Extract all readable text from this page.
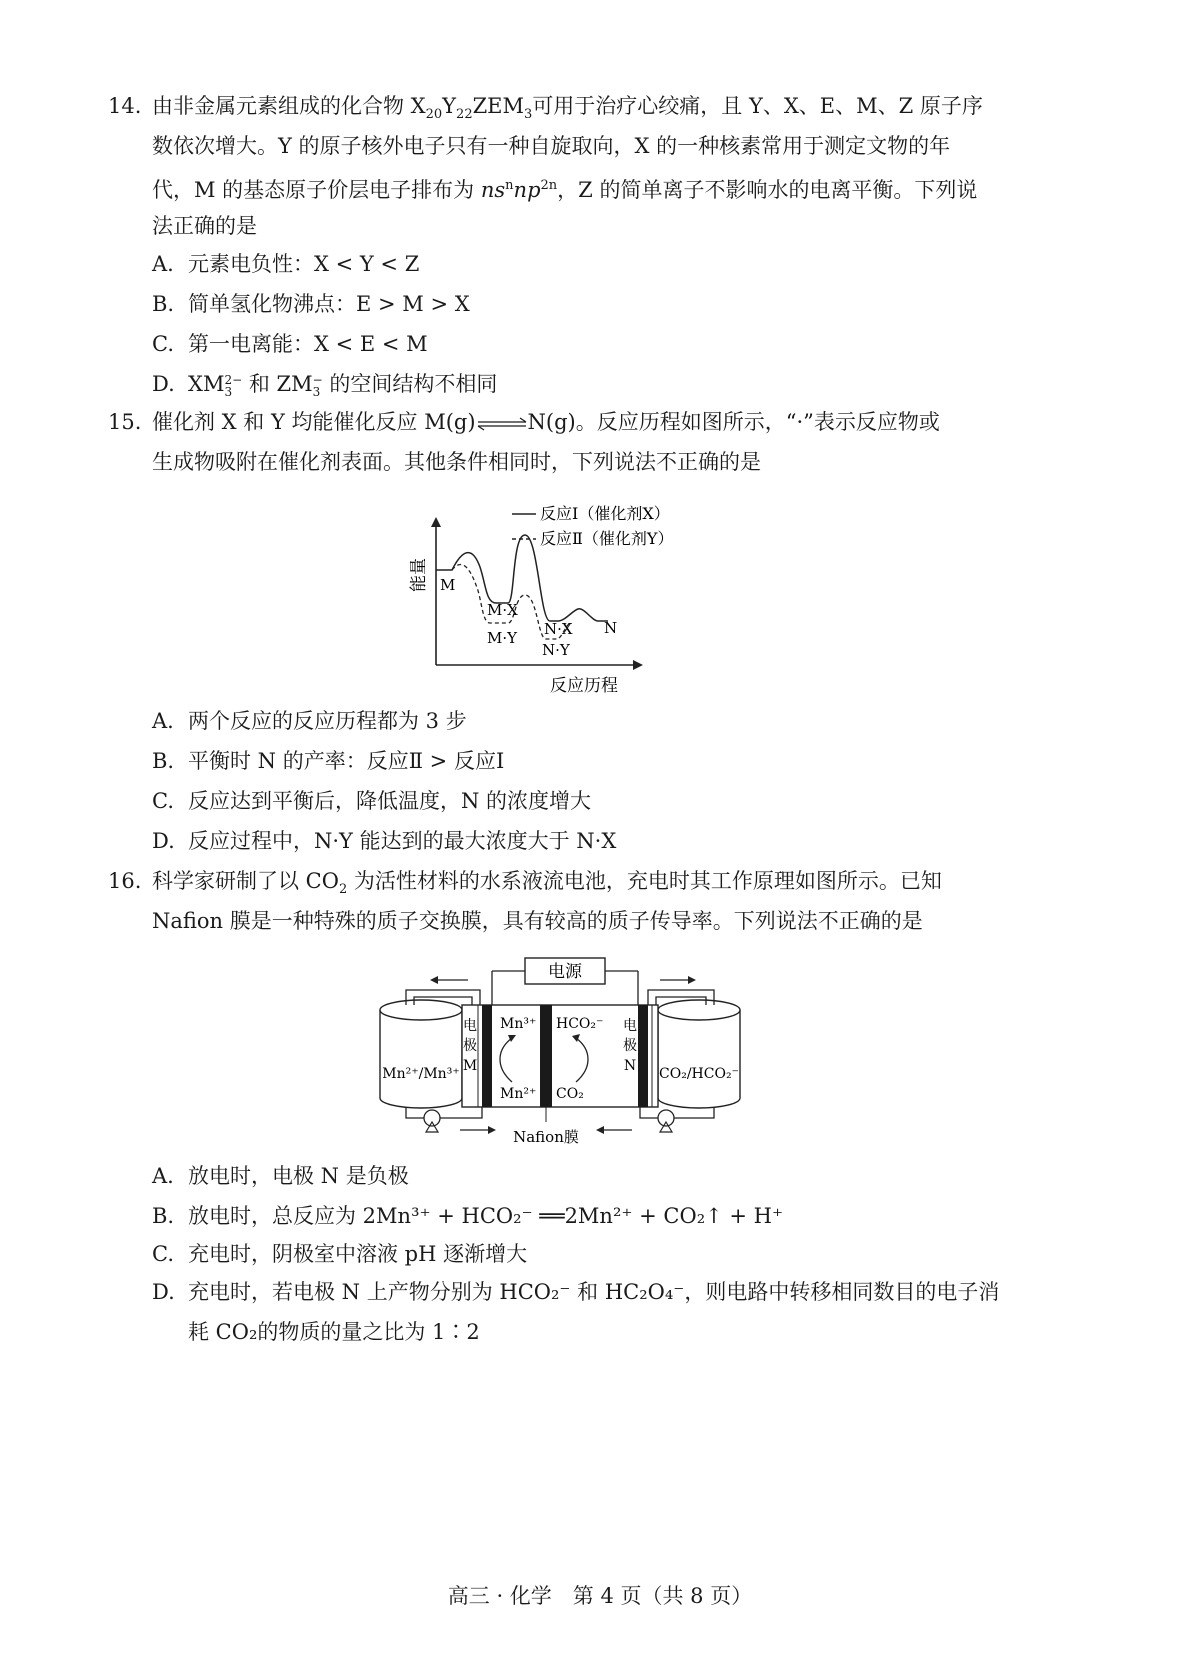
14. 由非金属元素组成的化合物 $X_{20}Y_{22}ZEM_3$可用于治疗心绞痛，且 Y、X、E、M、Z 原子序
数依次增大。Y 的原子核外电子只有一种自旋取向，X 的一种核素常用于测定文物的年
代，M 的基态原子价层电子排布为 $ns^nnp^{2n}$，Z 的简单离子不影响水的电离平衡。下列说
法正确的是
A. 元素电负性：X < Y < Z
B. 简单氢化物沸点：E > M > X
C. 第一电离能：X < E < M
D. XM 2−
3 和 ZM −
3 的空间结构不相同
15. 催化剂 X 和 Y 均能催化反应 M(g)⇌N(g)。反应历程如图所示，“·”表示反应物或
生成物吸附在催化剂表面。其他条件相同时，下列说法不正确的是
能量
反应历程
反应Ⅰ（催化剂X）
反应Ⅱ（催化剂Y）
M
M·X
M·Y N·X
N·Y
N
A. 两个反应的反应历程都为 3 步
B. 平衡时 N 的产率：反应Ⅱ > 反应Ⅰ
C. 反应达到平衡后，降低温度，N 的浓度增大
D. 反应过程中，N·Y 能达到的最大浓度大于 N·X
16. 科学家研制了以 $CO_2$ 为活性材料的水系液流电池，充电时其工作原理如图所示。已知
Nafion 膜是一种特殊的质子交换膜，具有较高的质子传导率。下列说法不正确的是
电源
Mn²⁺/Mn³⁺	CO₂/HCO₂⁻
电
极
M
电
极
N
Mn³⁺
Mn²⁺
HCO₂⁻
CO₂
Nafion膜
A. 放电时，电极 N 是负极
B. 放电时，总反应为 2Mn³⁺ + HCO₂⁻ ══2Mn²⁺ + CO₂↑ + H⁺
C. 充电时，阴极室中溶液 pH 逐渐增大
D. 充电时，若电极 N 上产物分别为 HCO₂⁻ 和 HC₂O₄⁻，则电路中转移相同数目的电子消
耗 CO₂的物质的量之比为 1∶2
高三 · 化学　第 4 页（共 8 页）
